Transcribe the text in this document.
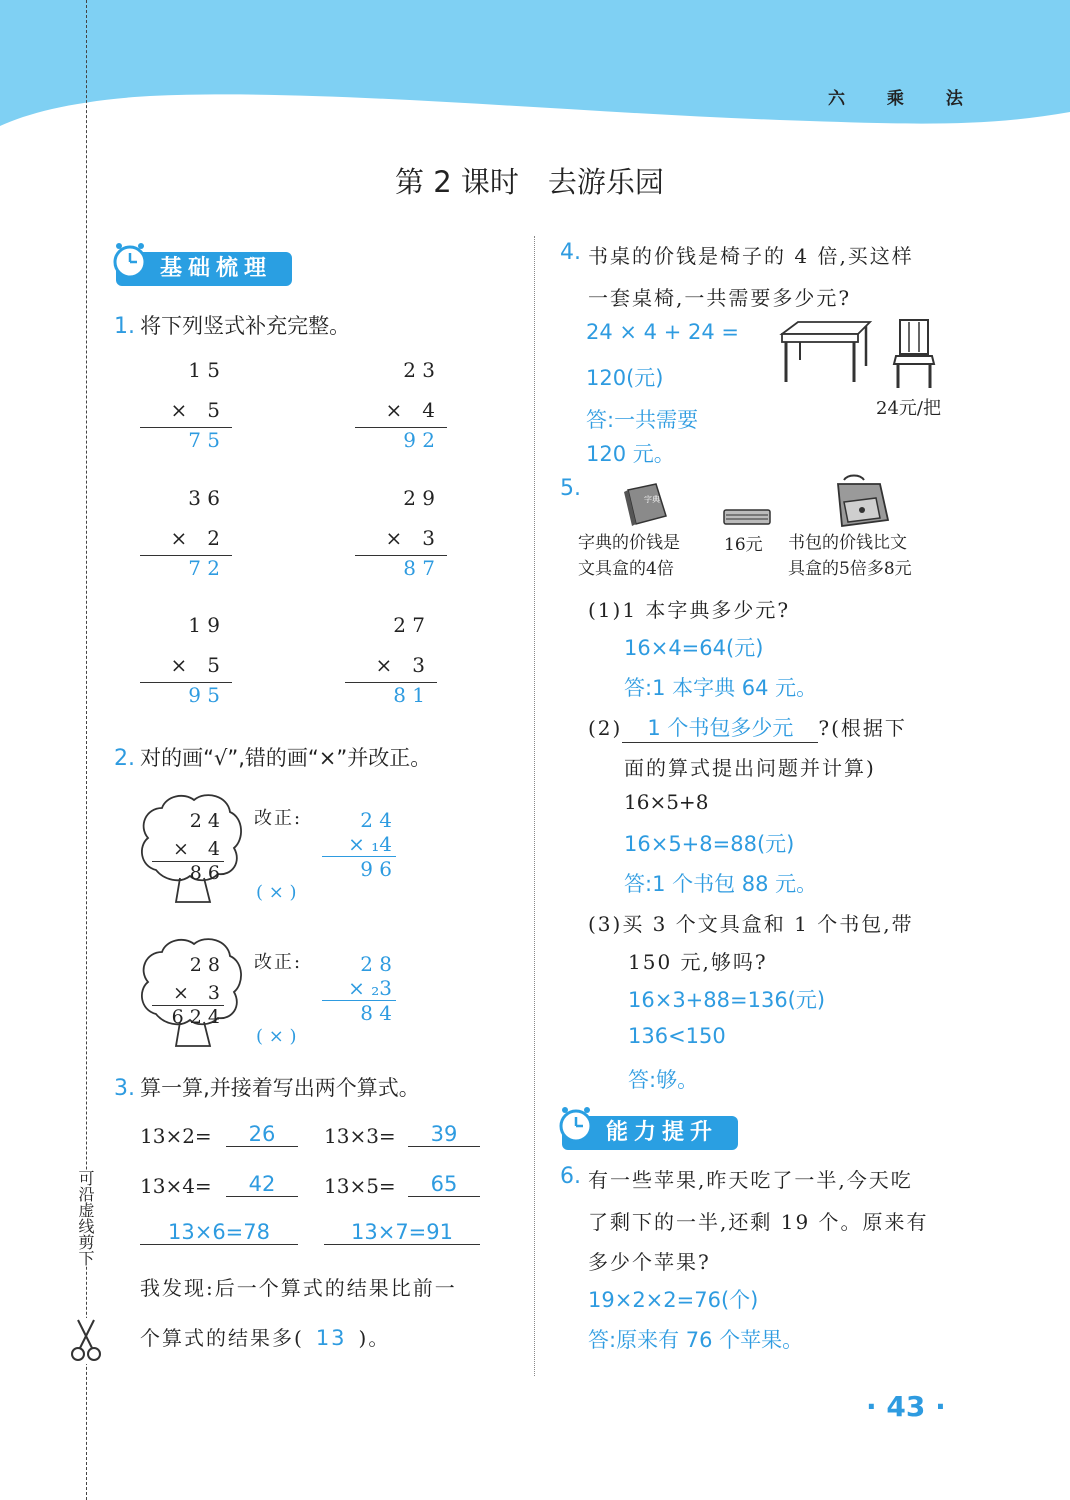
六 乘 法
可沿虚线剪下
第 2 课时　去游乐园
基础梳理
1. 将下列竖式补充完整。
1 5
×　5
7 5
2 3
×　4
9 2
3 6
×　2
7 2
2 9
×　3
8 7
1 9
×　5
9 5
2 7
×　3
8 1
2. 对的画“√”,错的画“×”并改正。
2 4
×　4
8 6
改正:
( × )
2 4
× ₁4
9 6
2 8
×　3
6 2 4
改正:
( × )
2 8
× ₂3
8 4
3. 算一算,并接着写出两个算式。
13×2=	26	13×3=	39
13×4=	42	13×5=	65
13×6=78	13×7=91
我发现:后一个算式的结果比前一
个算式的结果多( 13 )。
4. 书桌的价钱是椅子的 4 倍,买这样
一套桌椅,一共需要多少元?
24 × 4 + 24 =
120(元)
答:一共需要
120 元。
24元/把
5.	字典
字典的价钱是
文具盒的4倍
16元 书包的价钱比文
具盒的5倍多8元
(1)1 本字典多少元?
16×4=64(元)
答:1 本字典 64 元。
(2) 1 个书包多少元 ?(根据下
面的算式提出问题并计算)
16×5+8
16×5+8=88(元)
答:1 个书包 88 元。
(3)买 3 个文具盒和 1 个书包,带
150 元,够吗?
16×3+88=136(元)
136<150
答:够。
能力提升
6. 有一些苹果,昨天吃了一半,今天吃
了剩下的一半,还剩 19 个。原来有
多少个苹果?
19×2×2=76(个)
答:原来有 76 个苹果。
· 43 ·
